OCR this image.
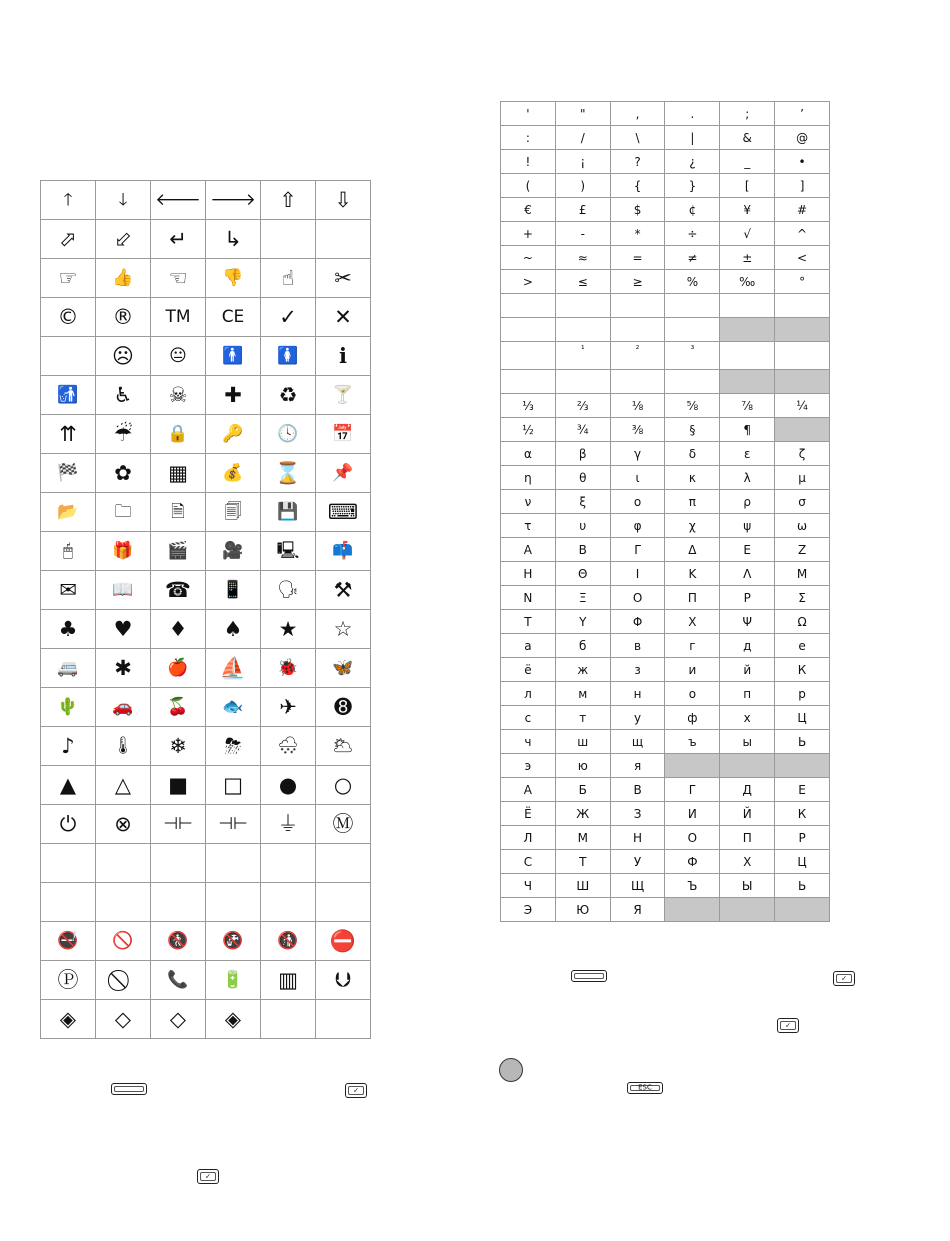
🡑	🡓	🡐	🡒	⇧	⇩
⬀	⬃	↵	↳		
☞	👍	☜	👎	☝	✂
©	®	TM	CE	✓	✕
	☹	😐	🚹	🚺	ℹ
🚮	♿	☠	✚	♻	🍸
⇈	☔	🔒	🔑	🕓	📅
🏁	✿	▦	💰	⌛	📌
📂	🗀	🗎	🗐	💾	⌨
🖱	🎁	🎬	🎥	🖳	📫
✉	📖	☎	📱	🗣	⚒
♣	♥	♦	♠	★	☆
🚐	✱	🍎	⛵	🐞	🦋
🌵	🚗	🍒	🐟	✈	➑
♪	🌡	❄	⛈	🌨	🌥
▲	△	■	□	●	○
⏻	⊗	⊣⊢	⊣⊢	⏚	Ⓜ

🚭	🚫	🚷	🚱	🚯	⛔
Ⓟ		📞	🔋	▥	⮋
◈	◇	◇	◈		
'	"	,	.	;	’
:	/	\	|	&	@
!	¡	?	¿	_	•
(	)	{	}	[	]
€	£	$	¢	¥	#
+	-	*	÷	√	^
~	≈	=	≠	±	<
>	≤	≥	%	‰	°

	¹	²	³		

⅓	⅔	⅛	⅝	⅞	¼
½	¾	⅜	§	¶	
α	β	γ	δ	ε	ζ
η	θ	ι	κ	λ	μ
ν	ξ	ο	π	ρ	σ
τ	υ	φ	χ	ψ	ω
Α	Β	Γ	Δ	Ε	Ζ
Η	Θ	Ι	Κ	Λ	Μ
Ν	Ξ	Ο	Π	Ρ	Σ
Τ	Υ	Φ	Χ	Ψ	Ω
а	б	в	г	д	е
ё	ж	з	и	й	К
л	м	н	о	п	р
с	т	у	ф	х	Ц
ч	ш	щ	ъ	ы	Ь
э	ю	я			
А	Б	В	Г	Д	Е
Ё	Ж	З	И	Й	К
Л	М	Н	О	П	Р
С	Т	У	Ф	Х	Ц
Ч	Ш	Щ	Ъ	Ы	Ь
Э	Ю	Я			
✓
✓
ESC
✓
✓
